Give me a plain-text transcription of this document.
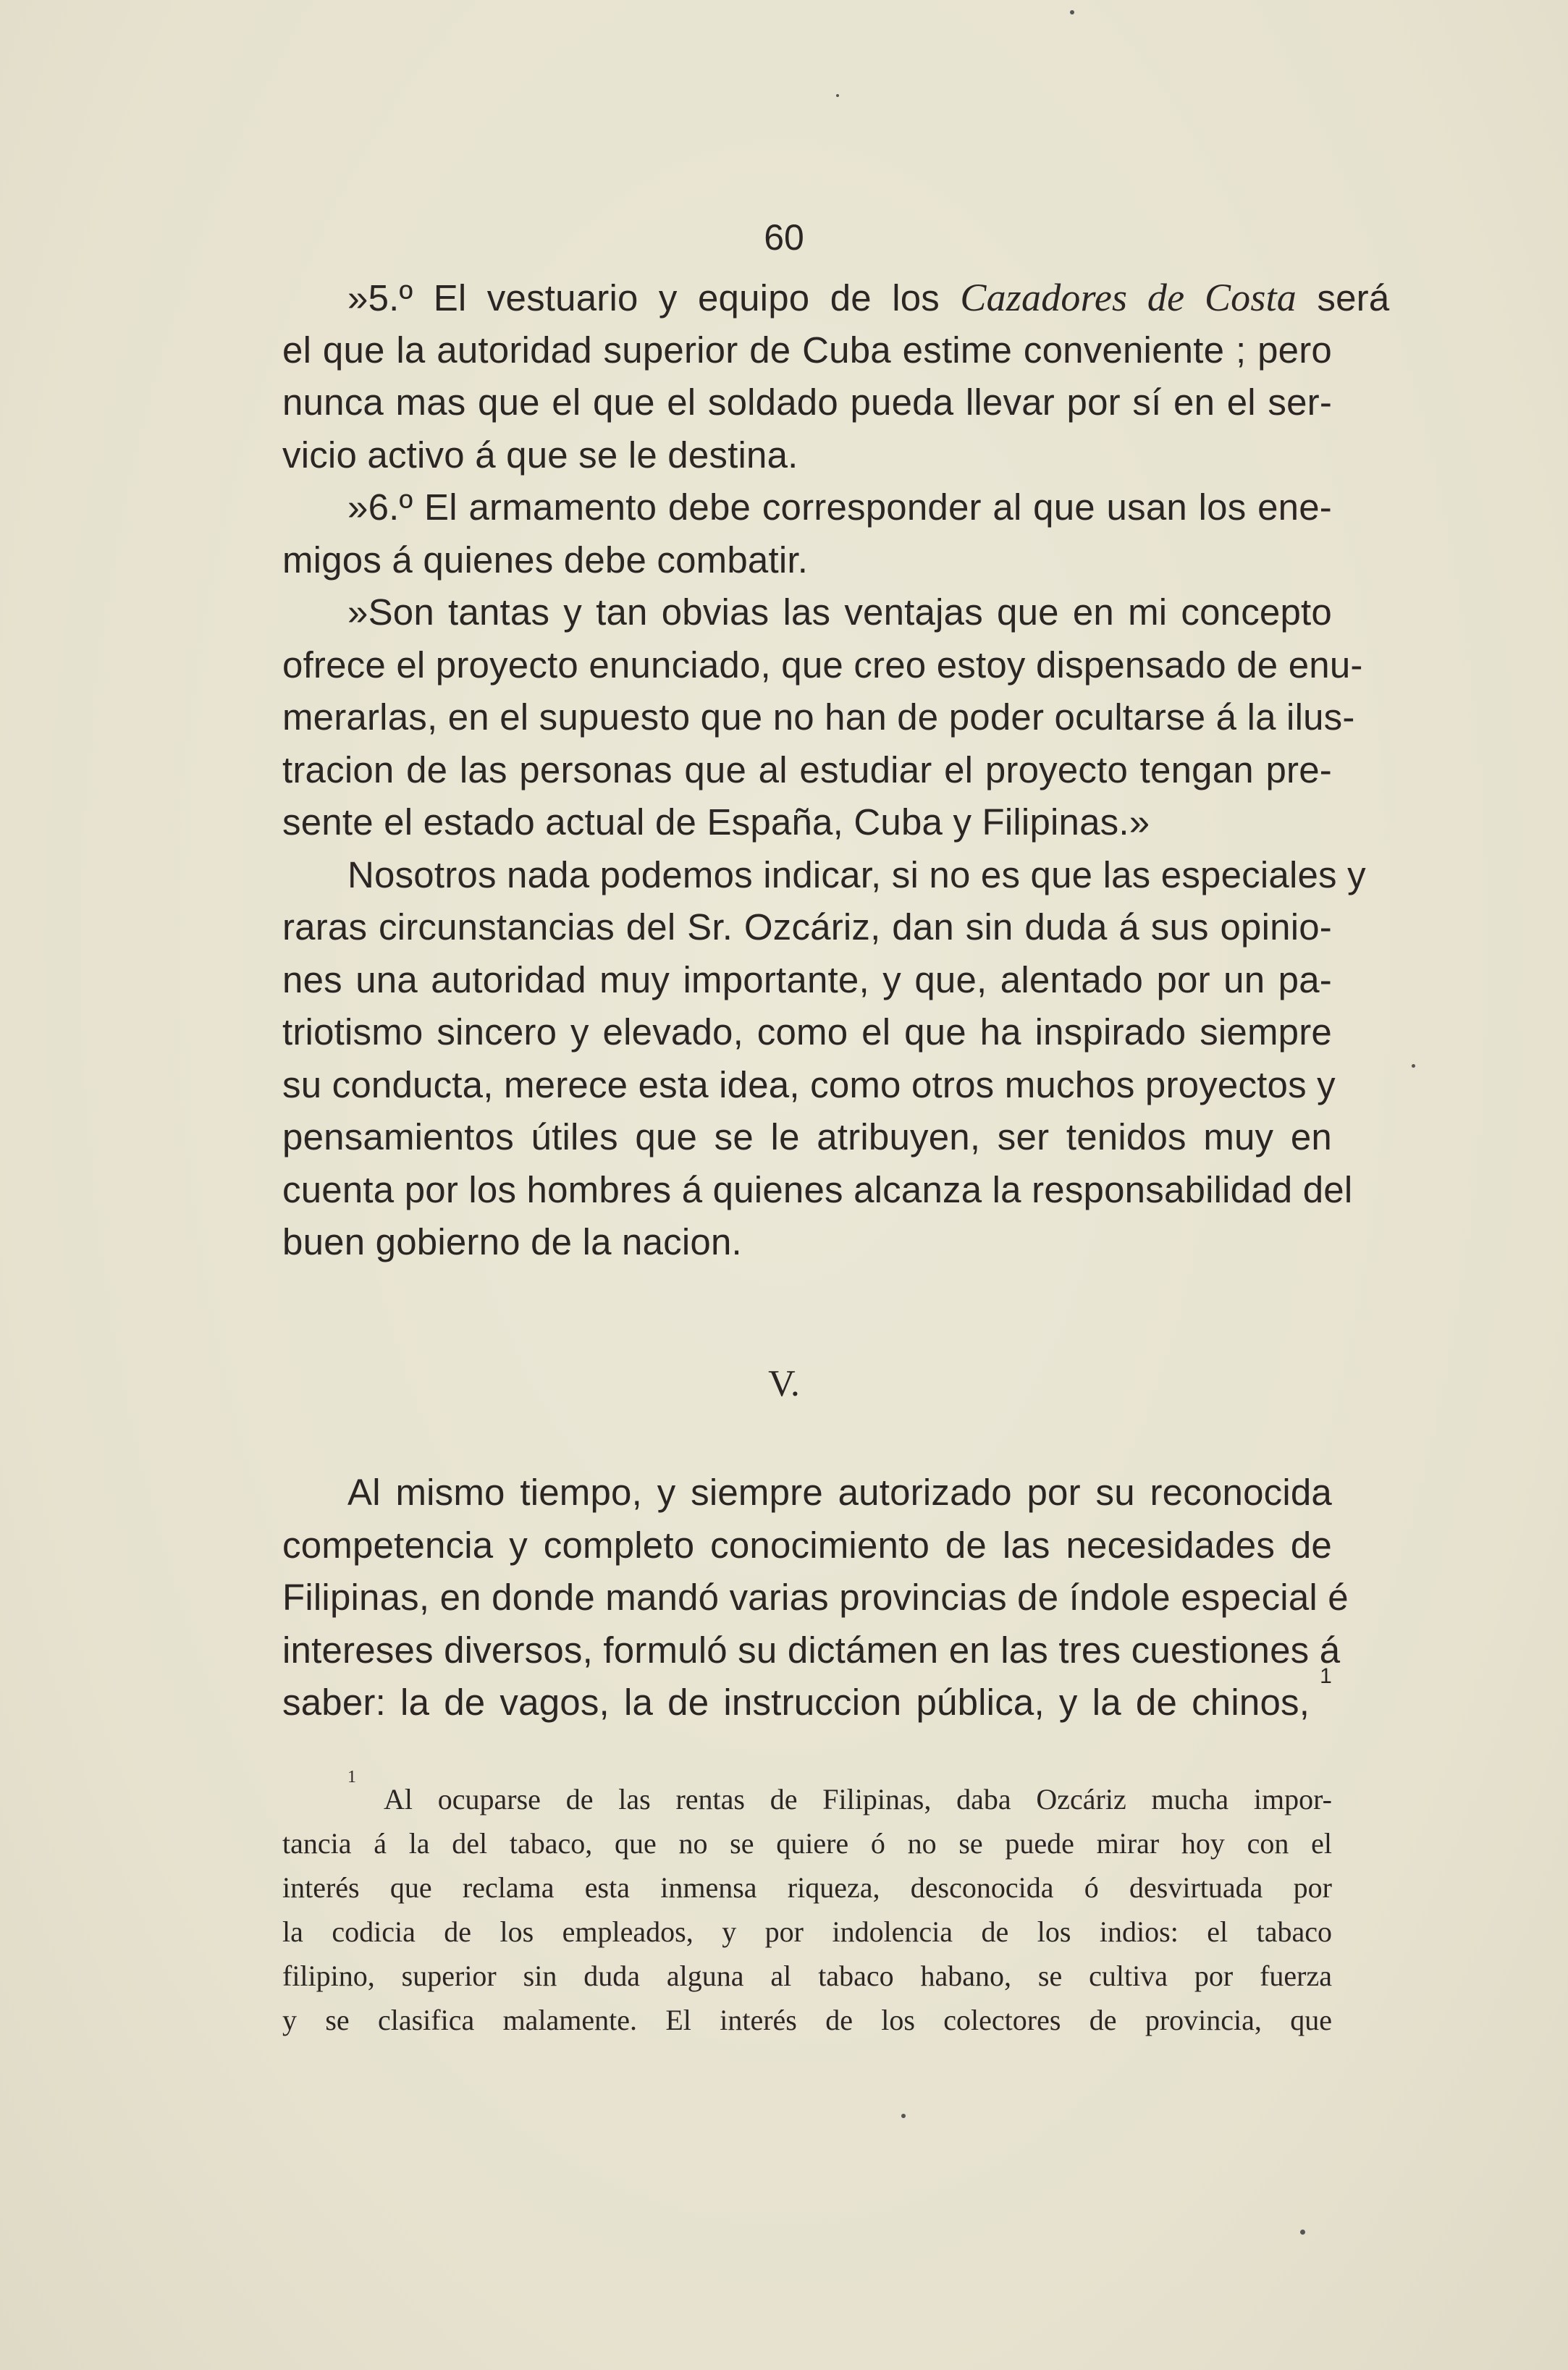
60
»5.º El vestuario y equipo de los Cazadores de Costa será
el que la autoridad superior de Cuba estime conveniente ; pero
nunca mas que el que el soldado pueda llevar por sí en el ser-
vicio activo á que se le destina.
»6.º El armamento debe corresponder al que usan los ene-
migos á quienes debe combatir.
»Son tantas y tan obvias las ventajas que en mi concepto
ofrece el proyecto enunciado, que creo estoy dispensado de enu-
merarlas, en el supuesto que no han de poder ocultarse á la ilus-
tracion de las personas que al estudiar el proyecto tengan pre-
sente el estado actual de España, Cuba y Filipinas.»
Nosotros nada podemos indicar, si no es que las especiales y
raras circunstancias del Sr. Ozcáriz, dan sin duda á sus opinio-
nes una autoridad muy importante, y que, alentado por un pa-
triotismo sincero y elevado, como el que ha inspirado siempre
su conducta, merece esta idea, como otros muchos proyectos y
pensamientos útiles que se le atribuyen, ser tenidos muy en
cuenta por los hombres á quienes alcanza la responsabilidad del
buen gobierno de la nacion.
V.
Al mismo tiempo, y siempre autorizado por su reconocida
competencia y completo conocimiento de las necesidades de
Filipinas, en donde mandó varias provincias de índole especial é
intereses diversos, formuló su dictámen en las tres cuestiones á
saber: la de vagos, la de instruccion pública, y la de chinos,
1
1
Al ocuparse de las rentas de Filipinas, daba Ozcáriz mucha impor-
tancia á la del tabaco, que no se quiere ó no se puede mirar hoy con el
interés que reclama esta inmensa riqueza, desconocida ó desvirtuada por
la codicia de los empleados, y por indolencia de los indios: el tabaco
filipino, superior sin duda alguna al tabaco habano, se cultiva por fuerza
y se clasifica malamente. El interés de los colectores de provincia, que
